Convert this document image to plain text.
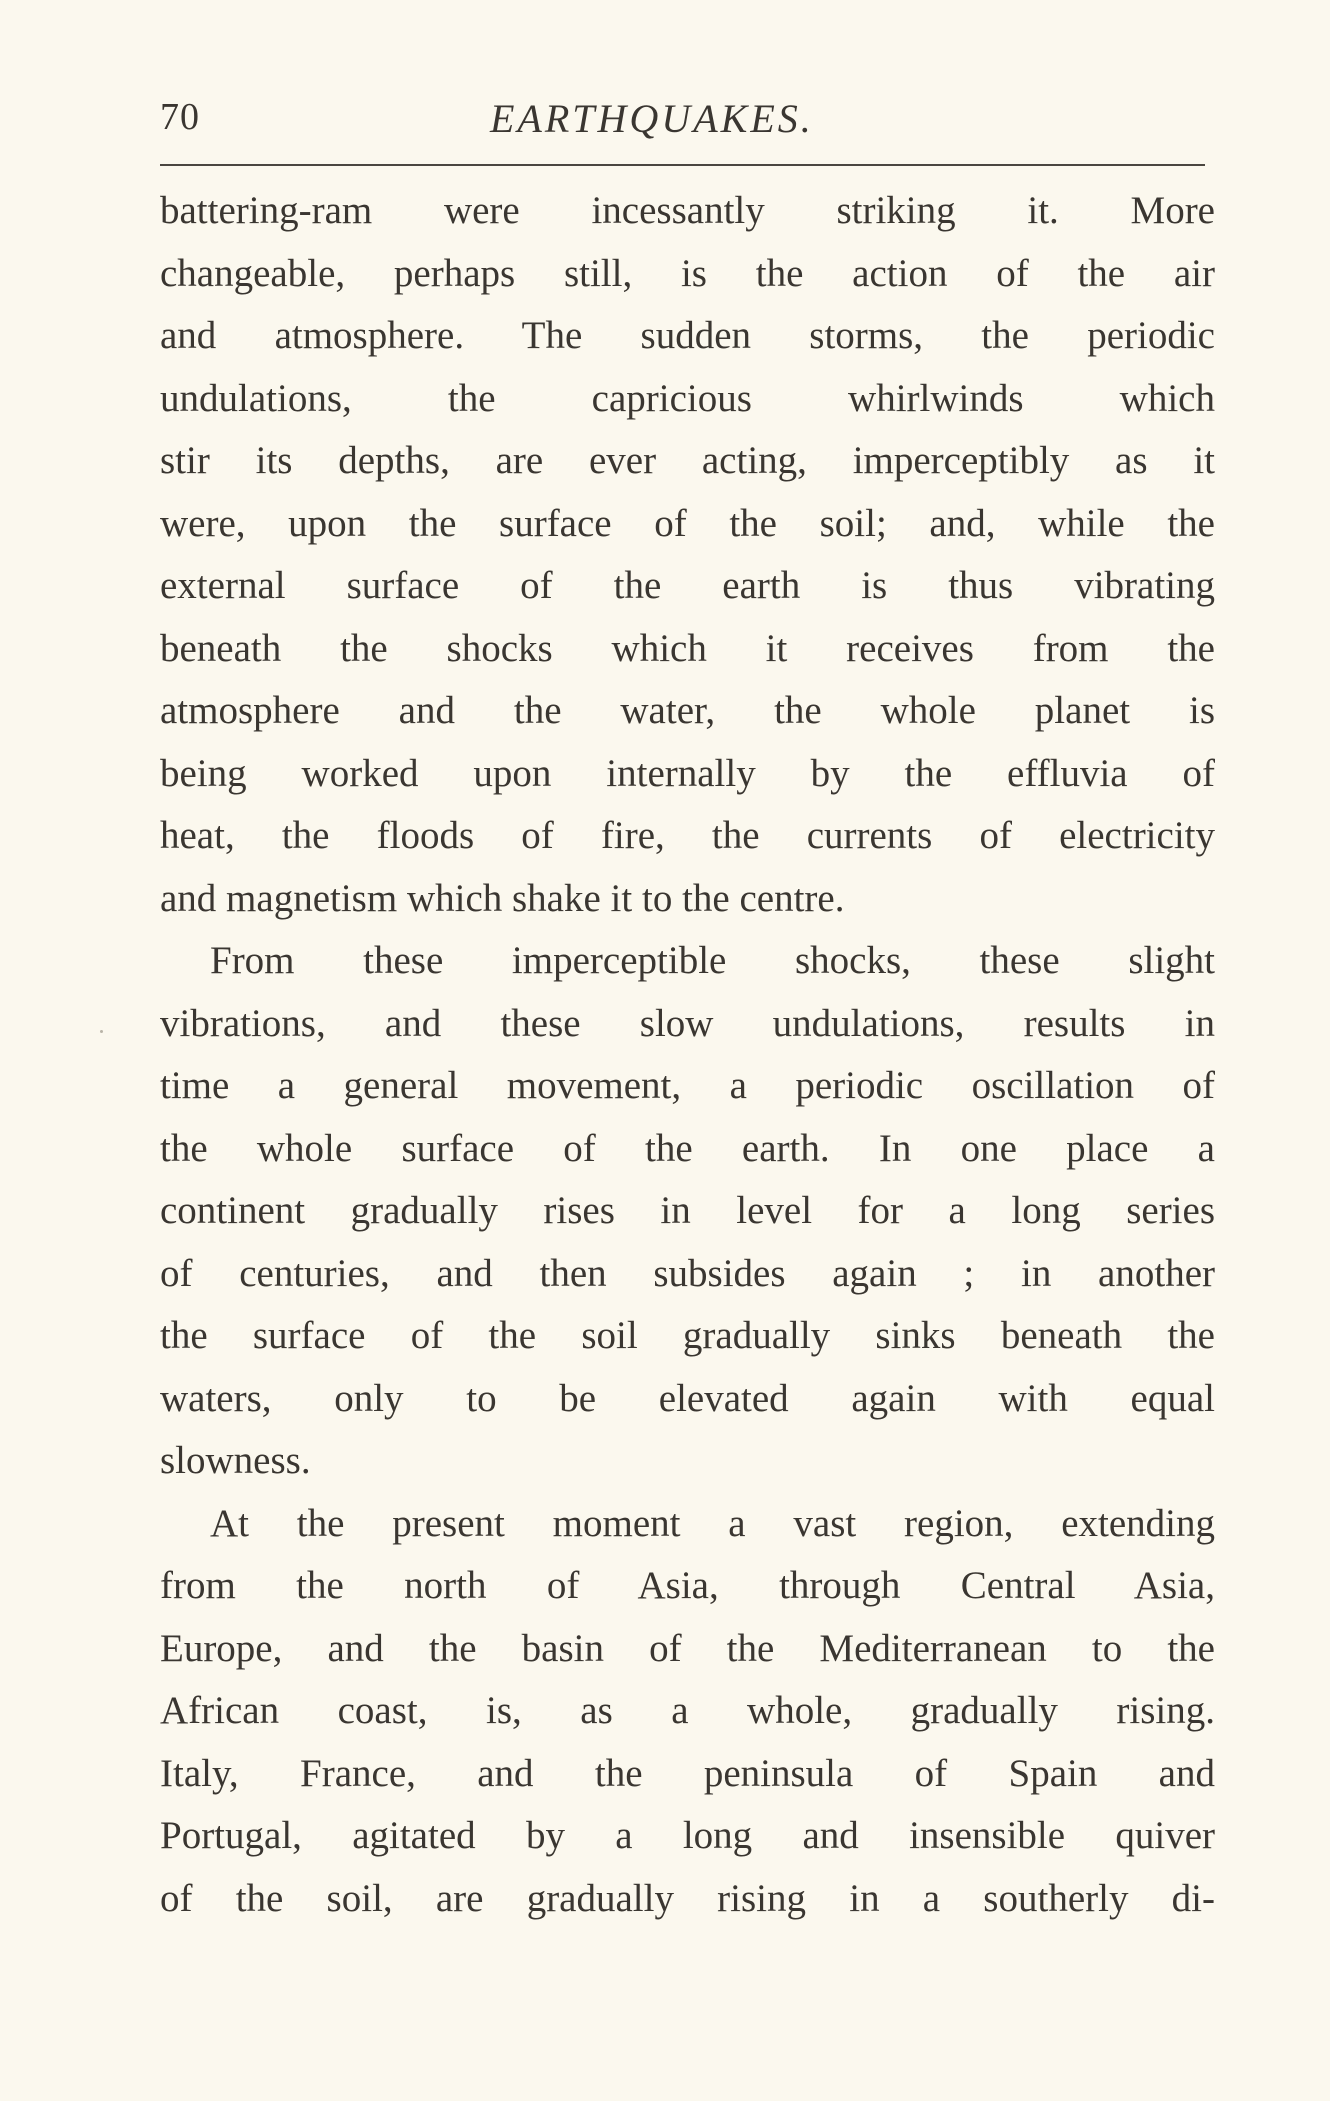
70	EARTHQUAKES.
battering-ram were incessantly striking it. More
changeable, perhaps still, is the action of the air
and atmosphere. The sudden storms, the periodic
undulations, the capricious whirlwinds which
stir its depths, are ever acting, imperceptibly as it
were, upon the surface of the soil; and, while the
external surface of the earth is thus vibrating
beneath the shocks which it receives from the
atmosphere and the water, the whole planet is
being worked upon internally by the effluvia of
heat, the floods of fire, the currents of electricity
and magnetism which shake it to the centre.
From these imperceptible shocks, these slight
vibrations, and these slow undulations, results in
time a general movement, a periodic oscillation of
the whole surface of the earth. In one place a
continent gradually rises in level for a long series
of centuries, and then subsides again ; in another
the surface of the soil gradually sinks beneath the
waters, only to be elevated again with equal
slowness.
At the present moment a vast region, extending
from the north of Asia, through Central Asia,
Europe, and the basin of the Mediterranean to the
African coast, is, as a whole, gradually rising.
Italy, France, and the peninsula of Spain and
Portugal, agitated by a long and insensible quiver
of the soil, are gradually rising in a southerly di-
